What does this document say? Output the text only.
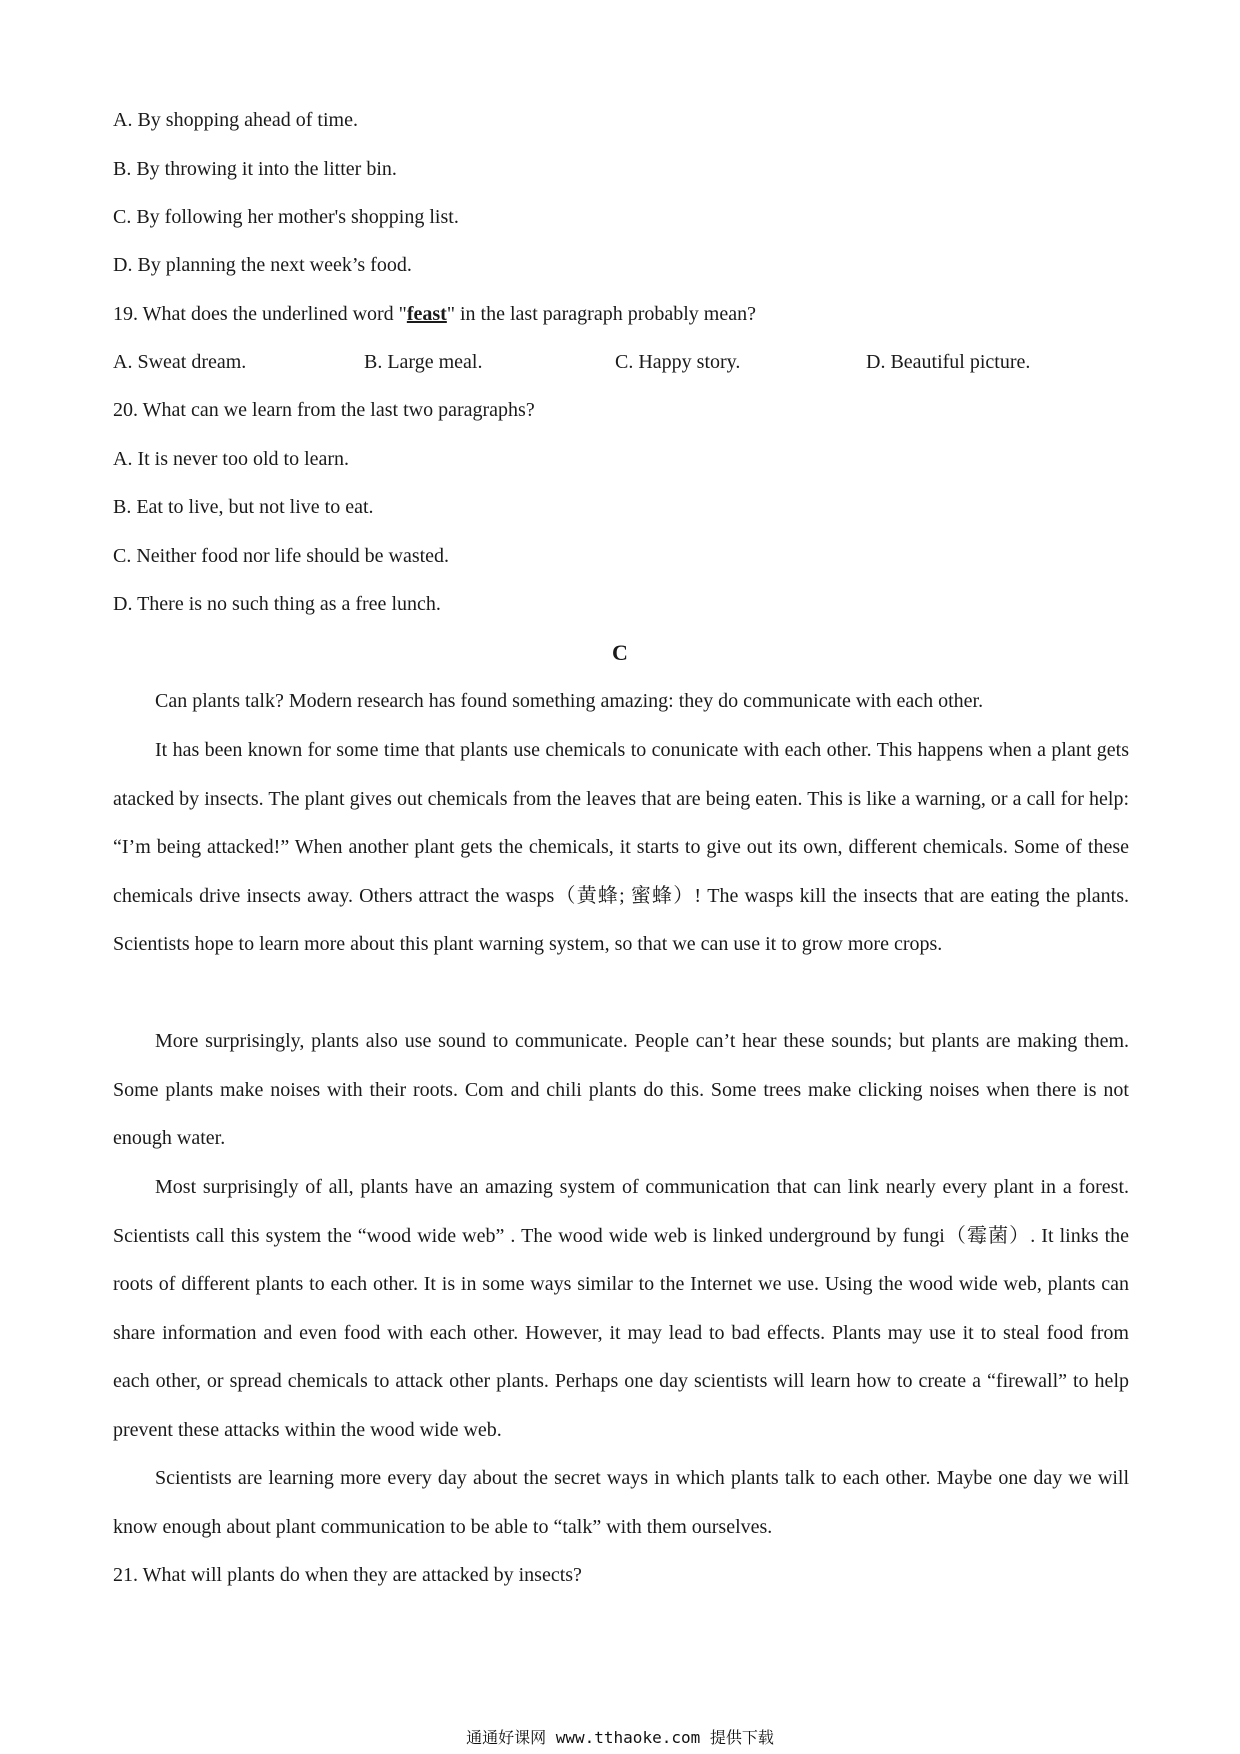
A. By shopping ahead of time.
B. By throwing it into the litter bin.
C. By following her mother's shopping list.
D. By planning the next week’s food.
19. What does the underlined word "feast" in the last paragraph probably mean?
A. Sweat dream.	B. Large meal.	C. Happy story.	D. Beautiful picture.
20. What can we learn from the last two paragraphs?
A. It is never too old to learn.
B. Eat to live, but not live to eat.
C. Neither food nor life should be wasted.
D. There is no such thing as a free lunch.
C
Can plants talk? Modern research has found something amazing: they do communicate with each other.
It has been known for some time that plants use chemicals to conunicate with each other. This happens when a plant gets atacked by insects. The plant gives out chemicals from the leaves that are being eaten. This is like a warning, or a call for help: “I’m being attacked!” When another plant gets the chemicals, it starts to give out its own, different chemicals. Some of these chemicals drive insects away. Others attract the wasps（黄蜂; 蜜蜂）! The wasps kill the insects that are eating the plants. Scientists hope to learn more about this plant warning system, so that we can use it to grow more crops.
More surprisingly, plants also use sound to communicate. People can’t hear these sounds; but plants are making them. Some plants make noises with their roots. Com and chili plants do this. Some trees make clicking noises when there is not enough water.
Most surprisingly of all, plants have an amazing system of communication that can link nearly every plant in a forest. Scientists call this system the “wood wide web” . The wood wide web is linked underground by fungi（霉菌）. It links the roots of different plants to each other. It is in some ways similar to the Internet we use. Using the wood wide web, plants can share information and even food with each other. However, it may lead to bad effects. Plants may use it to steal food from each other, or spread chemicals to attack other plants. Perhaps one day scientists will learn how to create a “firewall” to help prevent these attacks within the wood wide web.
Scientists are learning more every day about the secret ways in which plants talk to each other. Maybe one day we will know enough about plant communication to be able to “talk” with them ourselves.
21. What will plants do when they are attacked by insects?
通通好课网 www.tthaoke.com 提供下载
